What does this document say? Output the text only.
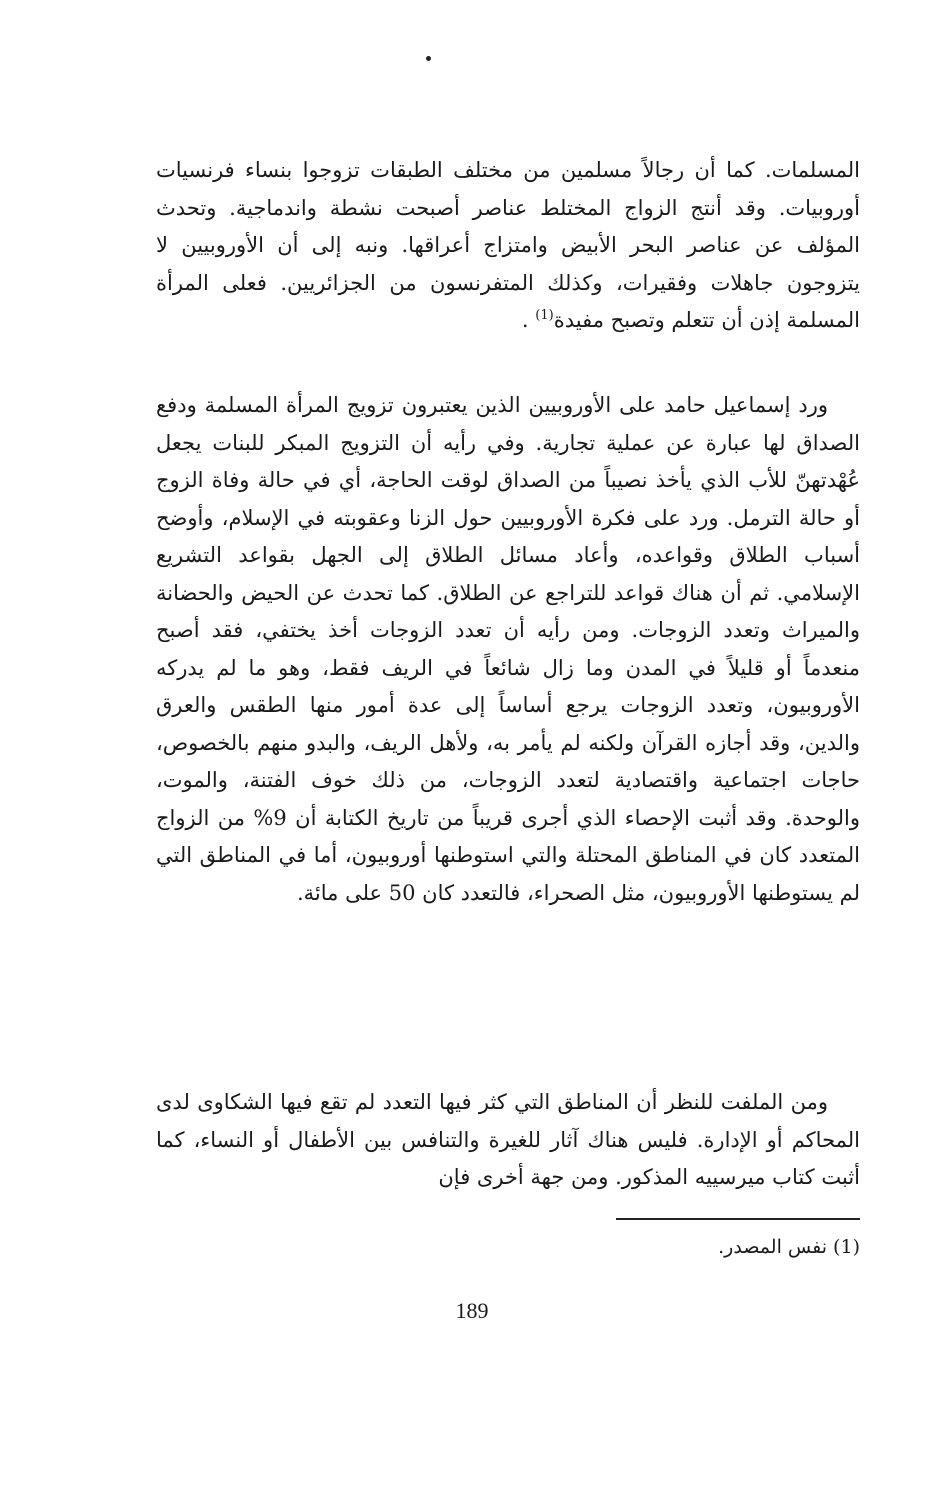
المسلمات. كما أن رجالاً مسلمين من مختلف الطبقات تزوجوا بنساء فرنسيات أوروبيات. وقد أنتج الزواج المختلط عناصر أصبحت نشطة واندماجية. وتحدث المؤلف عن عناصر البحر الأبيض وامتزاج أعراقها. ونبه إلى أن الأوروبيين لا يتزوجون جاهلات وفقيرات، وكذلك المتفرنسون من الجزائريين. فعلى المرأة المسلمة إذن أن تتعلم وتصبح مفيدة$^{(1)}$ .

ورد إسماعيل حامد على الأوروبيين الذين يعتبرون تزويج المرأة المسلمة ودفع الصداق لها عبارة عن عملية تجارية. وفي رأيه أن التزويج المبكر للبنات يجعل عُهْدتهنّ للأب الذي يأخذ نصيباً من الصداق لوقت الحاجة، أي في حالة وفاة الزوج أو حالة الترمل. ورد على فكرة الأوروبيين حول الزنا وعقوبته في الإسلام، وأوضح أسباب الطلاق وقواعده، وأعاد مسائل الطلاق إلى الجهل بقواعد التشريع الإسلامي. ثم أن هناك قواعد للتراجع عن الطلاق. كما تحدث عن الحيض والحضانة والميراث وتعدد الزوجات. ومن رأيه أن تعدد الزوجات أخذ يختفي، فقد أصبح منعدماً أو قليلاً في المدن وما زال شائعاً في الريف فقط، وهو ما لم يدركه الأوروبيون، وتعدد الزوجات يرجع أساساً إلى عدة أمور منها الطقس والعرق والدين، وقد أجازه القرآن ولكنه لم يأمر به، ولأهل الريف، والبدو منهم بالخصوص، حاجات اجتماعية واقتصادية لتعدد الزوجات، من ذلك خوف الفتنة، والموت، والوحدة. وقد أثبت الإحصاء الذي أجرى قريباً من تاريخ الكتابة أن 9% من الزواج المتعدد كان في المناطق المحتلة والتي استوطنها أوروبيون، أما في المناطق التي لم يستوطنها الأوروبيون، مثل الصحراء، فالتعدد كان 50 على مائة.

ومن الملفت للنظر أن المناطق التي كثر فيها التعدد لم تقع فيها الشكاوى لدى المحاكم أو الإدارة. فليس هناك آثار للغيرة والتنافس بين الأطفال أو النساء، كما أثبت كتاب ميرسييه المذكور. ومن جهة أخرى فإن

(1) نفس المصدر.
189
